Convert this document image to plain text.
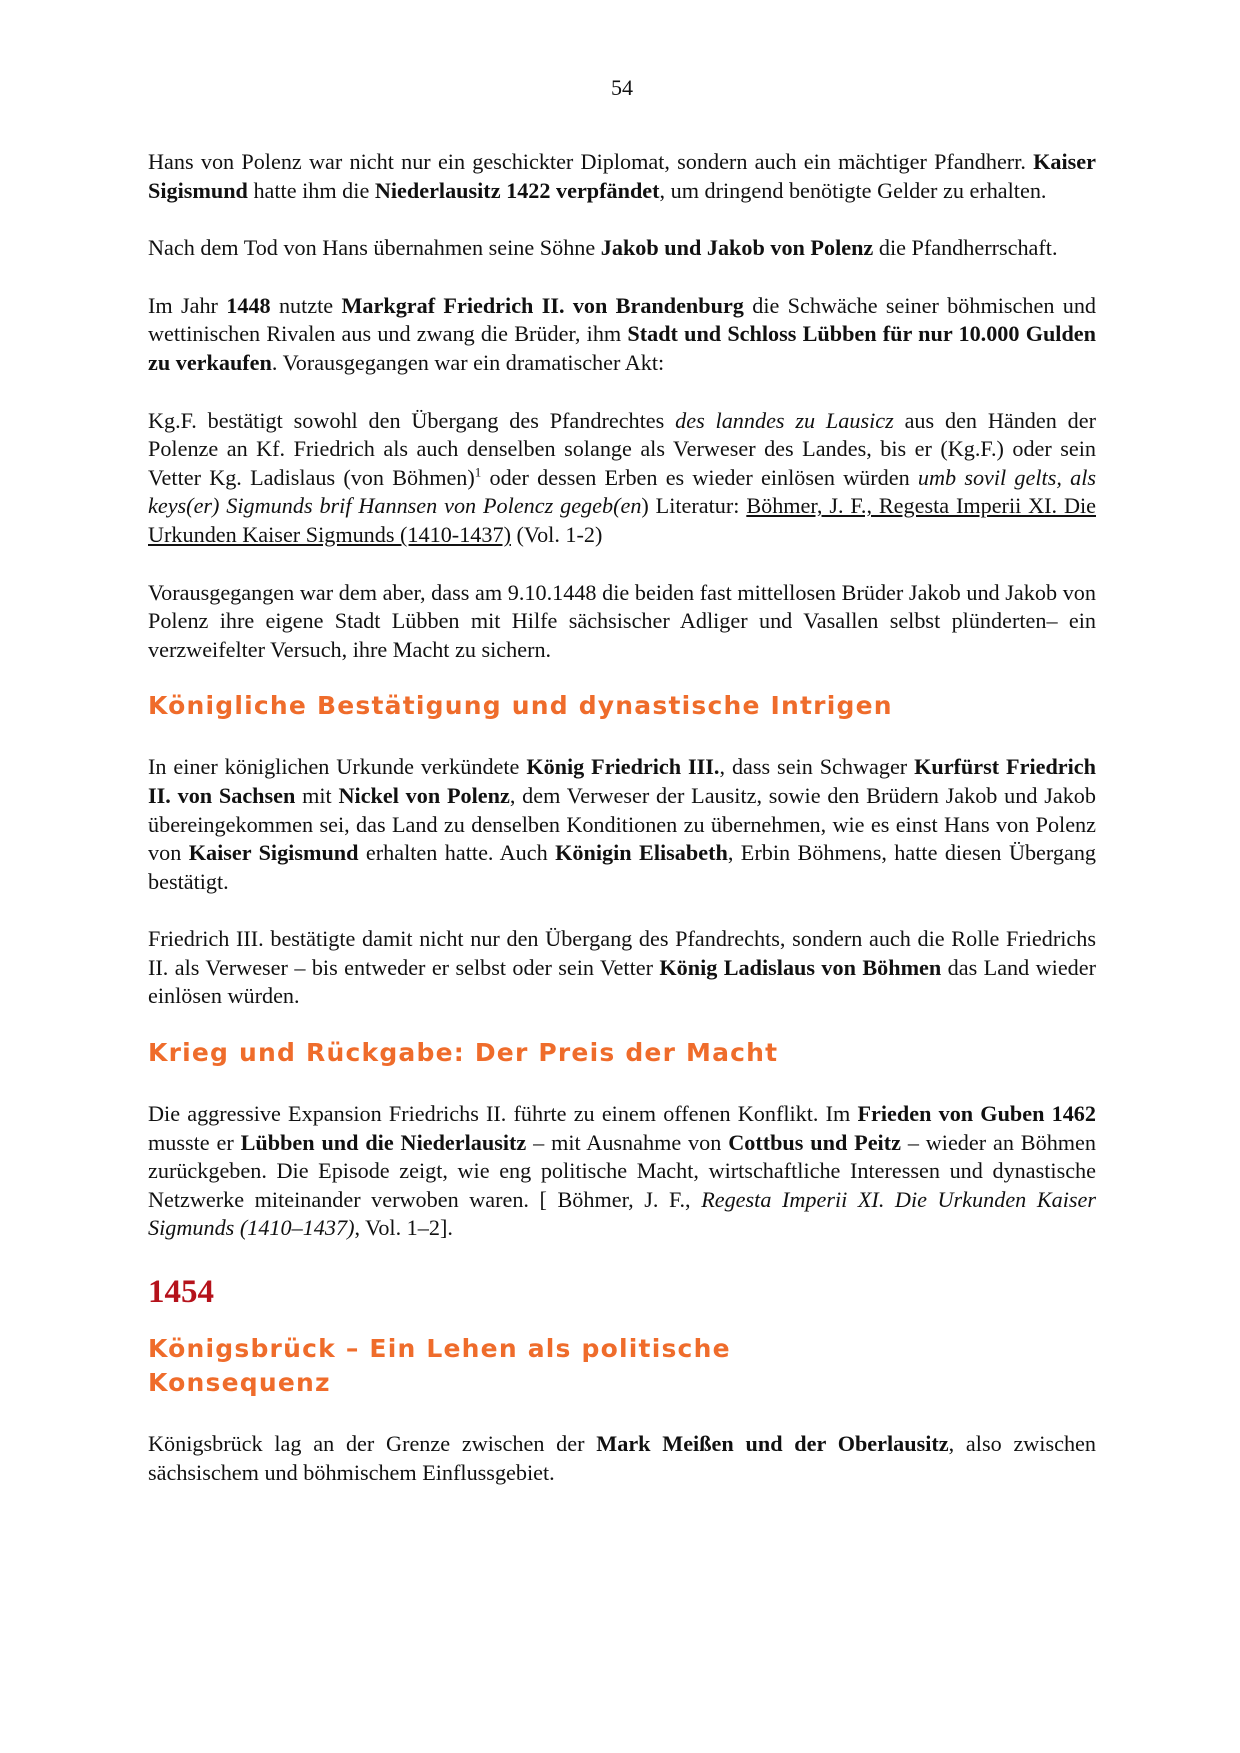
54

Hans von Polenz war nicht nur ein geschickter Diplomat, sondern auch ein mächtiger Pfandherr. Kaiser Sigismund hatte ihm die Niederlausitz 1422 verpfändet, um dringend benötigte Gelder zu erhalten.

Nach dem Tod von Hans übernahmen seine Söhne Jakob und Jakob von Polenz die Pfandherrschaft.

Im Jahr 1448 nutzte Markgraf Friedrich II. von Brandenburg die Schwäche seiner böhmischen und wettinischen Rivalen aus und zwang die Brüder, ihm Stadt und Schloss Lübben für nur 10.000 Gulden zu verkaufen. Vorausgegangen war ein dramatischer Akt:

Kg.F. bestätigt sowohl den Übergang des Pfandrechtes des lanndes zu Lausicz aus den Händen der Polenze an Kf. Friedrich als auch denselben solange als Verweser des Landes, bis er (Kg.F.) oder sein Vetter Kg. Ladislaus (von Böhmen)$^1$ oder dessen Erben es wieder einlösen würden umb sovil gelts, als keys(er) Sigmunds brif Hannsen von Polencz gegeb(en) Literatur: Böhmer, J. F., Regesta Imperii XI. Die Urkunden Kaiser Sigmunds (1410-1437) (Vol. 1-2)

Vorausgegangen war dem aber, dass am 9.10.1448 die beiden fast mittellosen Brüder Jakob und Jakob von Polenz ihre eigene Stadt Lübben mit Hilfe sächsischer Adliger und Vasallen selbst plünderten– ein verzweifelter Versuch, ihre Macht zu sichern.

Königliche Bestätigung und dynastische Intrigen

In einer königlichen Urkunde verkündete König Friedrich III., dass sein Schwager Kurfürst Friedrich II. von Sachsen mit Nickel von Polenz, dem Verweser der Lausitz, sowie den Brüdern Jakob und Jakob übereingekommen sei, das Land zu denselben Konditionen zu übernehmen, wie es einst Hans von Polenz von Kaiser Sigismund erhalten hatte. Auch Königin Elisabeth, Erbin Böhmens, hatte diesen Übergang bestätigt.

Friedrich III. bestätigte damit nicht nur den Übergang des Pfandrechts, sondern auch die Rolle Friedrichs II. als Verweser – bis entweder er selbst oder sein Vetter König Ladislaus von Böhmen das Land wieder einlösen würden.

Krieg und Rückgabe: Der Preis der Macht

Die aggressive Expansion Friedrichs II. führte zu einem offenen Konflikt. Im Frieden von Guben 1462 musste er Lübben und die Niederlausitz – mit Ausnahme von Cottbus und Peitz – wieder an Böhmen zurückgeben. Die Episode zeigt, wie eng politische Macht, wirtschaftliche Interessen und dynastische Netzwerke miteinander verwoben waren. [ Böhmer, J. F., Regesta Imperii XI. Die Urkunden Kaiser Sigmunds (1410–1437), Vol. 1–2].

1454
Königsbrück – Ein Lehen als politische Konsequenz

Königsbrück lag an der Grenze zwischen der Mark Meißen und der Oberlausitz, also zwischen sächsischem und böhmischem Einflussgebiet.
